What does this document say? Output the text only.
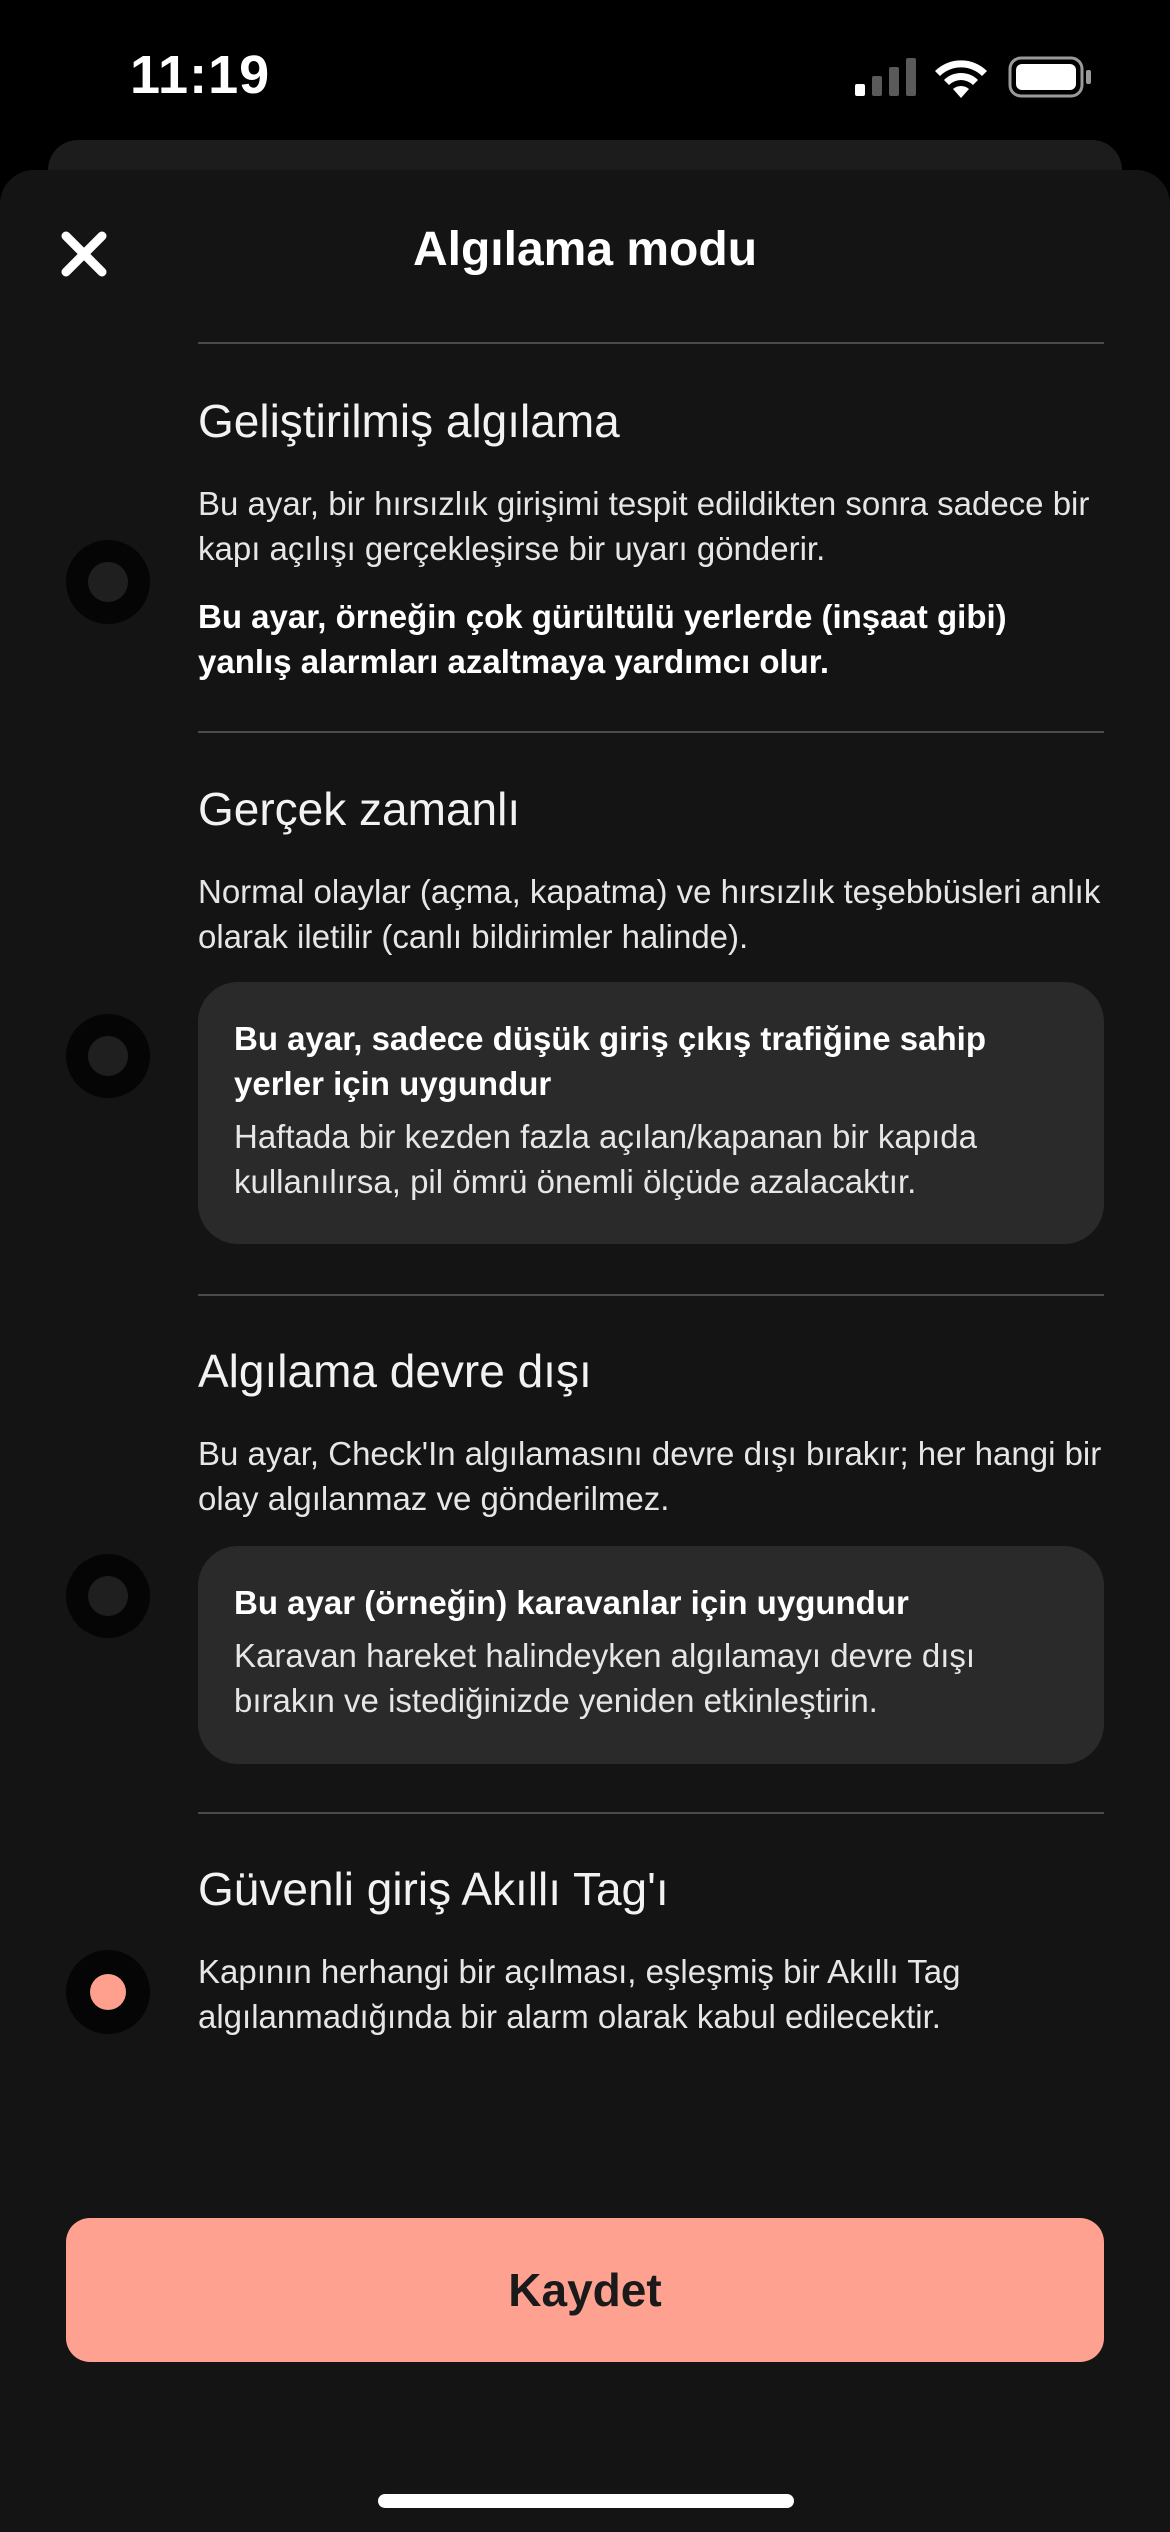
11:19
Algılama modu
Geliştirilmiş algılama
Bu ayar, bir hırsızlık girişimi tespit edildikten sonra sadece bir kapı açılışı gerçekleşirse bir uyarı gönderir.
Bu ayar, örneğin çok gürültülü yerlerde (inşaat gibi) yanlış alarmları azaltmaya yardımcı olur.
Gerçek zamanlı
Normal olaylar (açma, kapatma) ve hırsızlık teşebbüsleri anlık olarak iletilir (canlı bildirimler halinde).
Bu ayar, sadece düşük giriş çıkış trafiğine sahip yerler için uygundur
Haftada bir kezden fazla açılan/kapanan bir kapıda kullanılırsa, pil ömrü önemli ölçüde azalacaktır.
Algılama devre dışı
Bu ayar, Check'In algılamasını devre dışı bırakır; her hangi bir olay algılanmaz ve gönderilmez.
Bu ayar (örneğin) karavanlar için uygundur
Karavan hareket halindeyken algılamayı devre dışı bırakın ve istediğinizde yeniden etkinleştirin.
Güvenli giriş Akıllı Tag'ı
Kapının herhangi bir açılması, eşleşmiş bir Akıllı Tag algılanmadığında bir alarm olarak kabul edilecektir.
Kaydet
